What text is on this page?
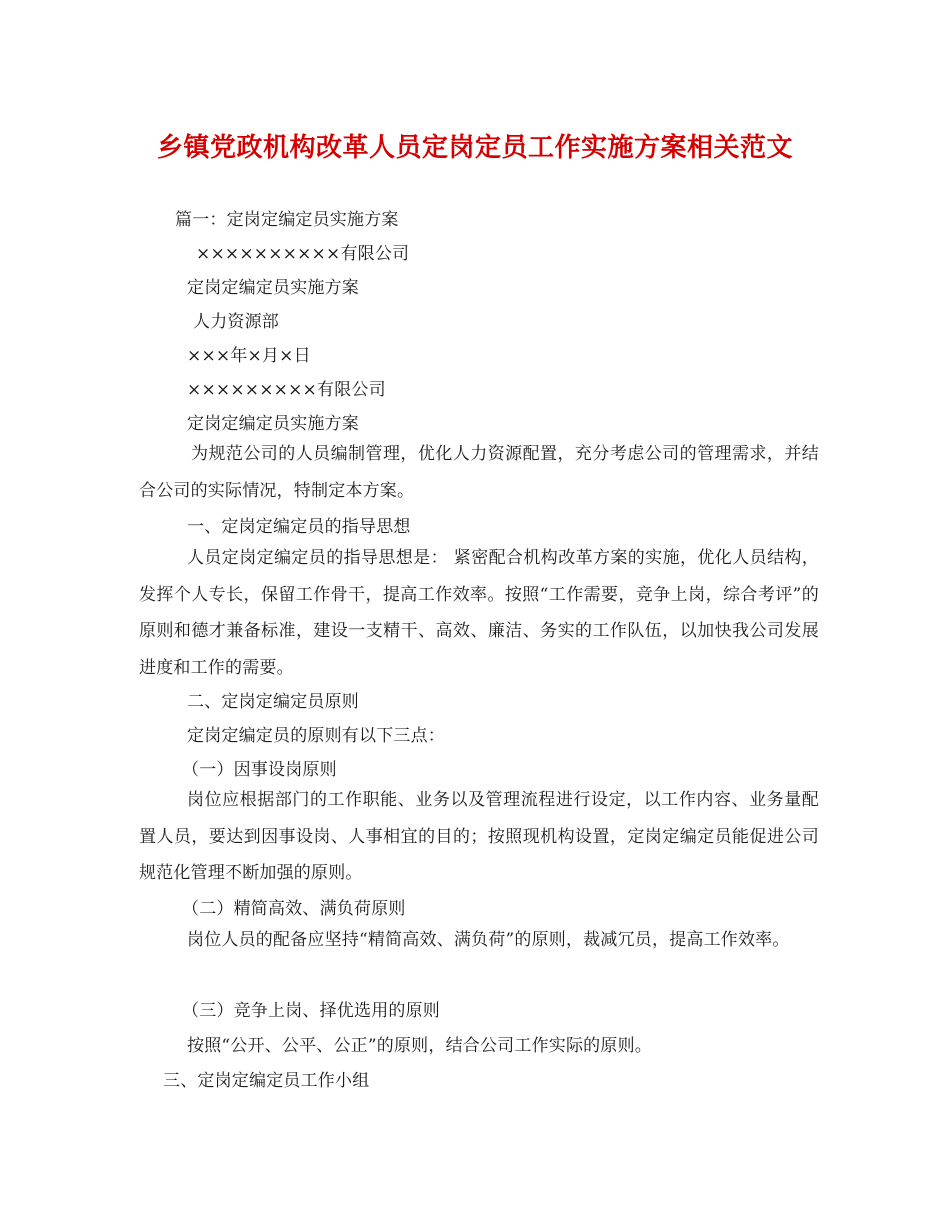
乡镇党政机构改革人员定岗定员工作实施方案相关范文
篇一：定岗定编定员实施方案
××××××××××有限公司
定岗定编定员实施方案
人力资源部
×××年×月×日
×××××××××有限公司
定岗定编定员实施方案
为规范公司的人员编制管理，优化人力资源配置，充分考虑公司的管理需求，并结合公司的实际情况，特制定本方案。
一、定岗定编定员的指导思想
人员定岗定编定员的指导思想是： 紧密配合机构改革方案的实施，优化人员结构，发挥个人专长，保留工作骨干，提高工作效率。按照“工作需要，竞争上岗，综合考评”的原则和德才兼备标准，建设一支精干、高效、廉洁、务实的工作队伍，以加快我公司发展进度和工作的需要。
二、定岗定编定员原则
定岗定编定员的原则有以下三点：
（一）因事设岗原则
岗位应根据部门的工作职能、业务以及管理流程进行设定，以工作内容、业务量配置人员，要达到因事设岗、人事相宜的目的；按照现机构设置，定岗定编定员能促进公司规范化管理不断加强的原则。
（二）精简高效、满负荷原则
岗位人员的配备应坚持“精简高效、满负荷”的原则，裁减冗员，提高工作效率。
（三）竞争上岗、择优选用的原则
按照“公开、公平、公正”的原则，结合公司工作实际的原则。
三、定岗定编定员工作小组
